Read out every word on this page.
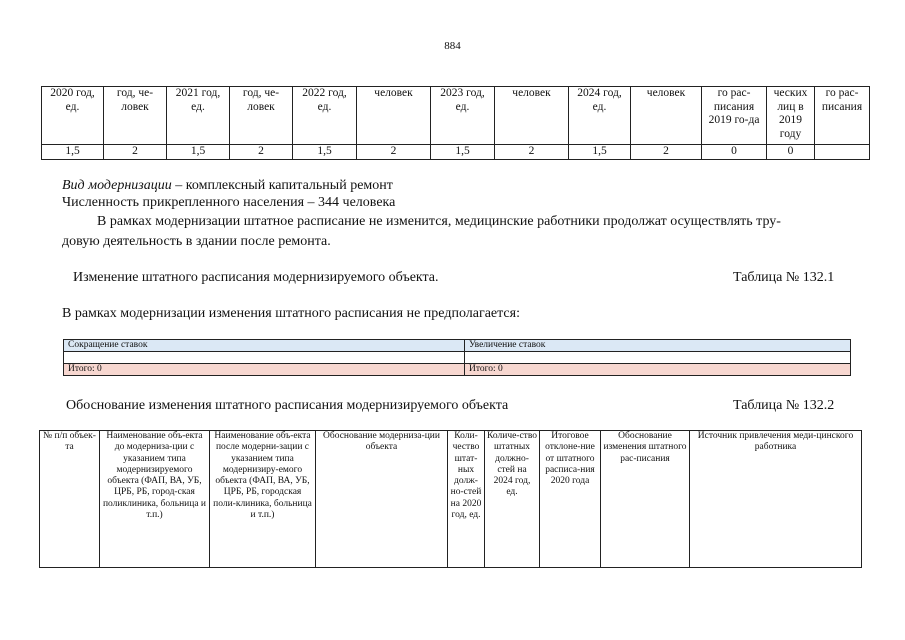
884
2020 год, ед.	год, че-ловек	2021 год, ед.	год, че-ловек	2022 год, ед.	человек	2023 год, ед.	человек	2024 год, ед.	человек	го рас-писания 2019 го-да	ческих лиц в 2019 году	го рас-писания
1,5	2	1,5	2	1,5	2	1,5	2	1,5	2	0	0	
Вид модернизации – комплексный капитальный ремонт
Численность прикрепленного населения – 344 человека
В рамках модернизации штатное расписание не изменится, медицинские работники продолжат осуществлять тру-
довую деятельность в здании после ремонта.
Изменение штатного расписания модернизируемого объекта.	Таблица № 132.1
В рамках модернизации изменения штатного расписания не предполагается:
Сокращение ставок	Увеличение ставок

Итого: 0	Итого: 0
Обоснование изменения штатного расписания модернизируемого объекта	Таблица № 132.2
№ п/п объек-та	Наименование объ-екта до модерниза-ции с указанием типа модернизируемого объекта (ФАП, ВА, УБ, ЦРБ, РБ, город-ская поликлиника, больница и т.п.)	Наименование объ-екта после модерни-зации с указанием типа модернизиру-емого объекта (ФАП, ВА, УБ, ЦРБ, РБ, городская поли-клиника, больница и т.п.)	Обоснование модерниза-ции объекта	Коли-чество штат-ных долж-но-стей на 2020 год, ед.	Количе-ство штатных должно-стей на 2024 год, ед.	Итоговое отклоне-ние от штатного расписа-ния 2020 года	Обоснование изменения штатного рас-писания	Источник привлечения меди-цинского работника
